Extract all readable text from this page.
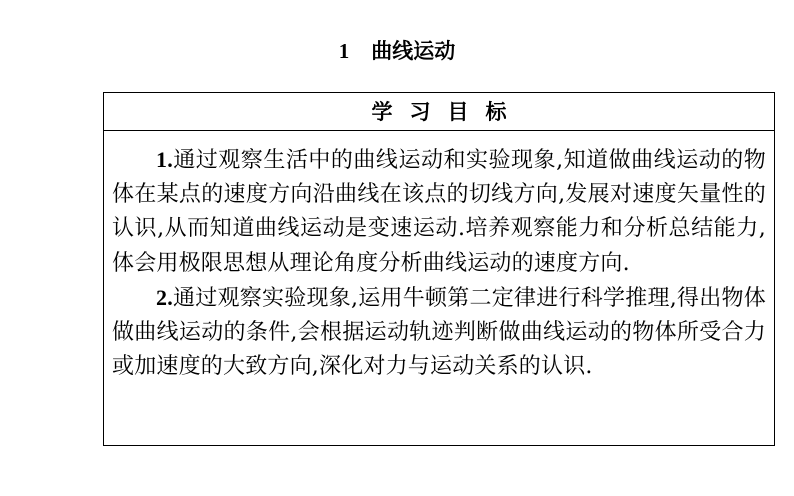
1 曲线运动
学习目标

1.通过观察生活中的曲线运动和实验现象,知道做曲线运动的物体在某点的速度方向沿曲线在该点的切线方向,发展对速度矢量性的认识,从而知道曲线运动是变速运动.培养观察能力和分析总结能力,体会用极限思想从理论角度分析曲线运动的速度方向.

2.通过观察实验现象,运用牛顿第二定律进行科学推理,得出物体做曲线运动的条件,会根据运动轨迹判断做曲线运动的物体所受合力或加速度的大致方向,深化对力与运动关系的认识.
